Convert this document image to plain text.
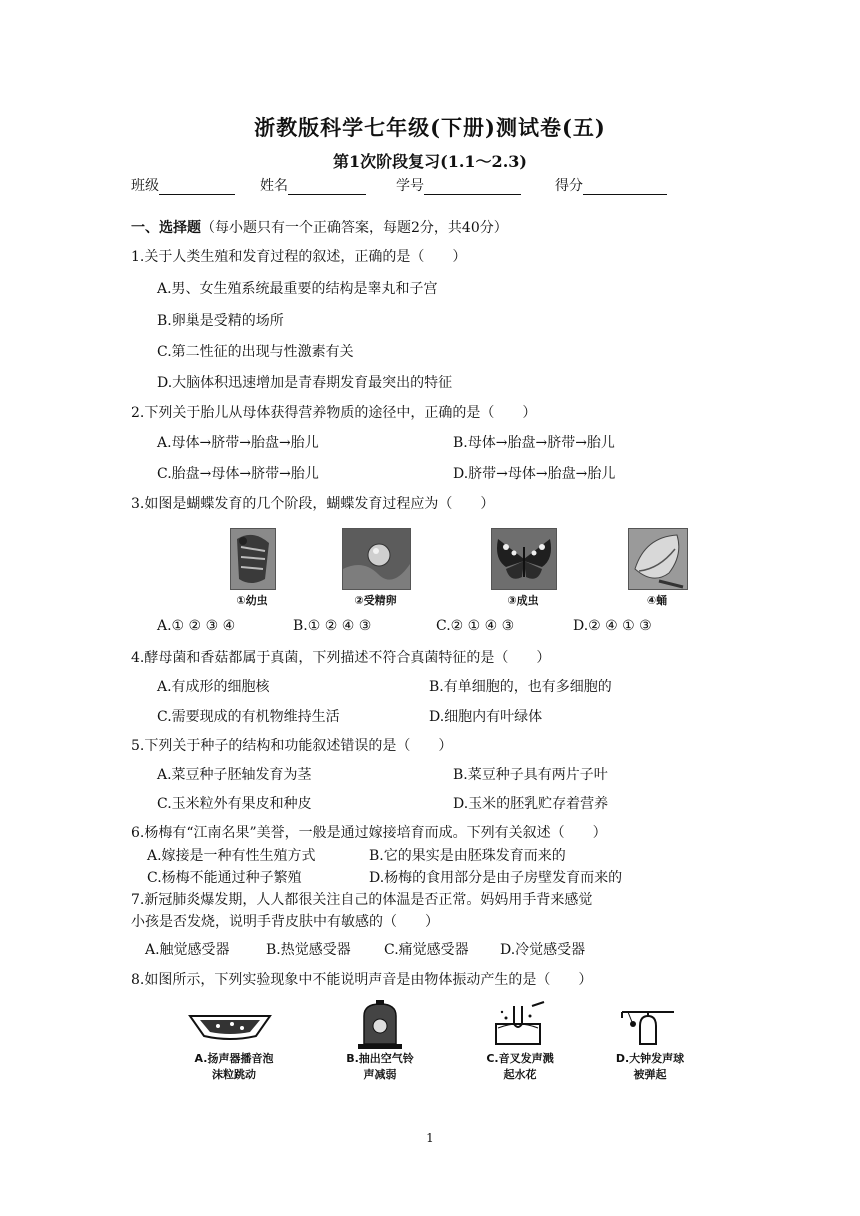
浙教版科学七年级(下册)测试卷(五)
第1次阶段复习(1.1～2.3)
班级	姓名	学号	得分
一、选择题（每小题只有一个正确答案，每题2分，共40分）
1.关于人类生殖和发育过程的叙述，正确的是（　　）
A.男、女生殖系统最重要的结构是睾丸和子宫
B.卵巢是受精的场所
C.第二性征的出现与性激素有关
D.大脑体积迅速增加是青春期发育最突出的特征
2.下列关于胎儿从母体获得营养物质的途径中，正确的是（　　）
A.母体→脐带→胎盘→胎儿	B.母体→胎盘→脐带→胎儿
C.胎盘→母体→脐带→胎儿	D.脐带→母体→胎盘→胎儿
3.如图是蝴蝶发育的几个阶段，蝴蝶发育过程应为（　　）
①幼虫	②受精卵	③成虫	④蛹
A.① ② ③ ④	B.① ② ④ ③	C.② ① ④ ③	D.② ④ ① ③
4.酵母菌和香菇都属于真菌，下列描述不符合真菌特征的是（　　）
A.有成形的细胞核	B.有单细胞的，也有多细胞的
C.需要现成的有机物维持生活	D.细胞内有叶绿体
5.下列关于种子的结构和功能叙述错误的是（　　）
A.菜豆种子胚轴发育为茎	B.菜豆种子具有两片子叶
C.玉米粒外有果皮和种皮	D.玉米的胚乳贮存着营养
6.杨梅有“江南名果”美誉，一般是通过嫁接培育而成。下列有关叙述（　　）
A.嫁接是一种有性生殖方式	B.它的果实是由胚珠发育而来的
C.杨梅不能通过种子繁殖	D.杨梅的食用部分是由子房壁发育而来的
7.新冠肺炎爆发期，人人都很关注自己的体温是否正常。妈妈用手背来感觉
小孩是否发烧，说明手背皮肤中有敏感的（　　）
A.触觉感受器	B.热觉感受器 C.痛觉感受器 D.冷觉感受器
8.如图所示，下列实验现象中不能说明声音是由物体振动产生的是（　　）
A.扬声器播音泡
沫粒跳动
B.抽出空气铃
声减弱
C.音叉发声溅
起水花
D.大钟发声球
被弹起
1
